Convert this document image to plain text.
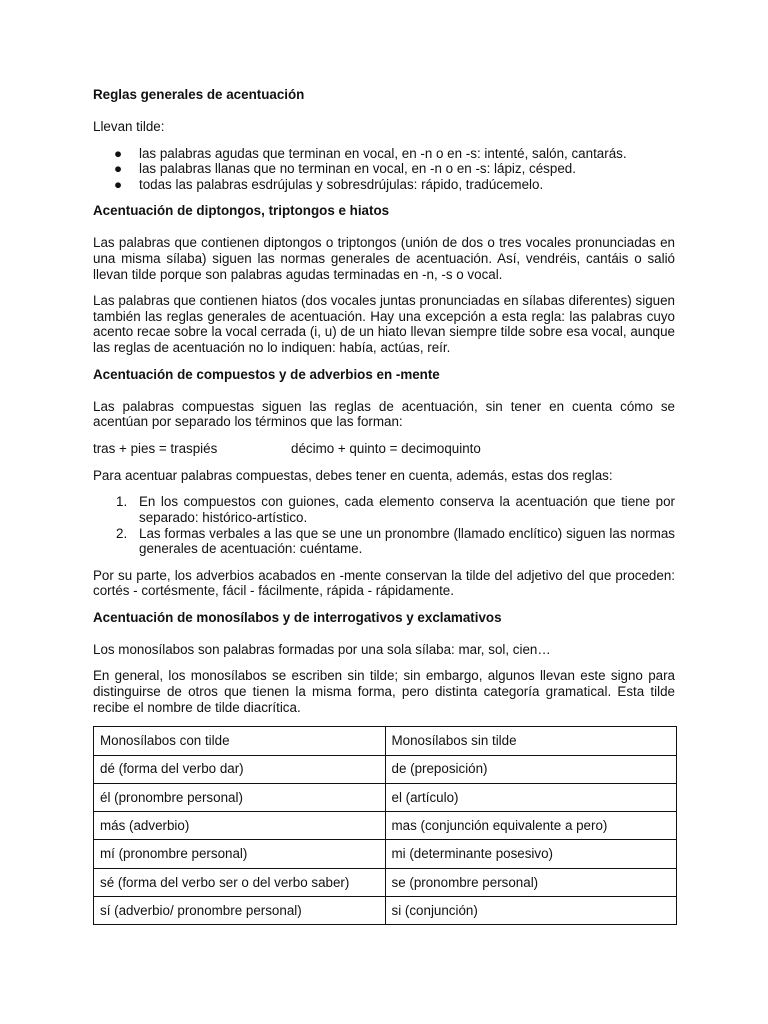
Reglas generales de acentuación

Llevan tilde:

● las palabras agudas que terminan en vocal, en -n o en -s: intenté, salón, cantarás.
● las palabras llanas que no terminan en vocal, en -n o en -s: lápiz, césped.
● todas las palabras esdrújulas y sobresdrújulas: rápido, tradúcemelo.
Acentuación de diptongos, triptongos e hiatos

Las palabras que contienen diptongos o triptongos (unión de dos o tres vocales pronunciadas en una misma sílaba) siguen las normas generales de acentuación. Así, vendréis, cantáis o salió llevan tilde porque son palabras agudas terminadas en -n, -s o vocal.

Las palabras que contienen hiatos (dos vocales juntas pronunciadas en sílabas diferentes) siguen también las reglas generales de acentuación. Hay una excepción a esta regla: las palabras cuyo acento recae sobre la vocal cerrada (i, u) de un hiato llevan siempre tilde sobre esa vocal, aunque las reglas de acentuación no lo indiquen: había, actúas, reír.

Acentuación de compuestos y de adverbios en -mente

Las palabras compuestas siguen las reglas de acentuación, sin tener en cuenta cómo se acentúan por separado los términos que las forman:

tras + pies = traspiés	décimo + quinto = decimoquinto

Para acentuar palabras compuestas, debes tener en cuenta, además, estas dos reglas:

1. En los compuestos con guiones, cada elemento conserva la acentuación que tiene por separado: histórico-artístico.
2. Las formas verbales a las que se une un pronombre (llamado enclítico) siguen las normas generales de acentuación: cuéntame.

Por su parte, los adverbios acabados en -mente conservan la tilde del adjetivo del que proceden: cortés - cortésmente, fácil - fácilmente, rápida - rápidamente.

Acentuación de monosílabos y de interrogativos y exclamativos

Los monosílabos son palabras formadas por una sola sílaba: mar, sol, cien…

En general, los monosílabos se escriben sin tilde; sin embargo, algunos llevan este signo para distinguirse de otros que tienen la misma forma, pero distinta categoría gramatical. Esta tilde recibe el nombre de tilde diacrítica.

Monosílabos con tilde	Monosílabos sin tilde
dé (forma del verbo dar)	de (preposición)
él (pronombre personal)	el (artículo)
más (adverbio)	mas (conjunción equivalente a pero)
mí (pronombre personal)	mi (determinante posesivo)
sé (forma del verbo ser o del verbo saber)	se (pronombre personal)
sí (adverbio/ pronombre personal)	si (conjunción)
